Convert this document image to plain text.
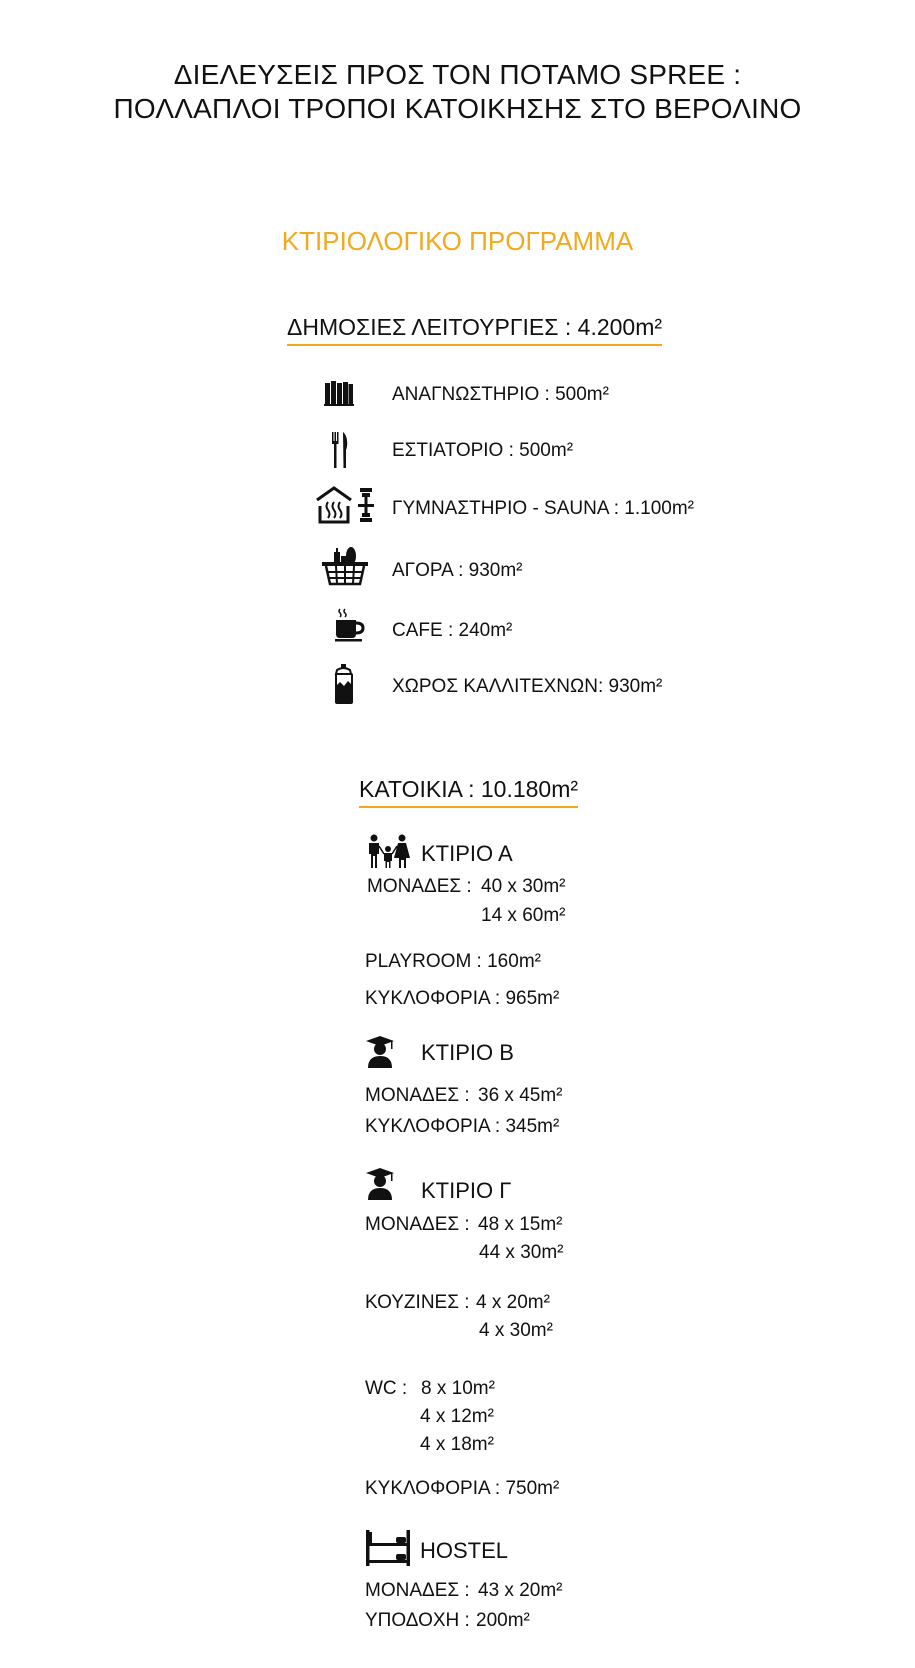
ΔΙΕΛΕΥΣΕΙΣ ΠΡΟΣ ΤΟΝ ΠΟΤΑΜΟ SPREE :
ΠΟΛΛΑΠΛΟΙ ΤΡΟΠΟΙ ΚΑΤΟΙΚΗΣΗΣ ΣΤΟ ΒΕΡΟΛΙΝΟ
ΚΤΙΡΙΟΛΟΓΙΚΟ ΠΡΟΓΡΑΜΜΑ
ΔΗΜΟΣΙΕΣ ΛΕΙΤΟΥΡΓΙΕΣ : 4.200m²
ΑΝΑΓΝΩΣΤΗΡΙΟ : 500m²
ΕΣΤΙΑΤΟΡΙΟ : 500m²
ΓΥΜΝΑΣΤΗΡΙΟ - SAUNA : 1.100m²
ΑΓΟΡΑ : 930m²
CAFE : 240m²
ΧΩΡΟΣ ΚΑΛΛΙΤΕΧΝΩΝ: 930m²
ΚΑΤΟΙΚΙΑ : 10.180m²
ΚΤΙΡΙΟ Α
ΜΟΝΑΔΕΣ : 40 x 30m²
14 x 60m²
PLAYROOM : 160m²
ΚΥΚΛΟΦΟΡΙΑ : 965m²
ΚΤΙΡΙΟ Β
ΜΟΝΑΔΕΣ : 36 x 45m²
ΚΥΚΛΟΦΟΡΙΑ : 345m²
ΚΤΙΡΙΟ Γ
ΜΟΝΑΔΕΣ : 48 x 15m²
44 x 30m²
ΚΟΥΖΙΝΕΣ : 4 x 20m²
4 x 30m²
WC : 8 x 10m²
4 x 12m²
4 x 18m²
ΚΥΚΛΟΦΟΡΙΑ : 750m²
HOSTEL
ΜΟΝΑΔΕΣ : 43 x 20m²
ΥΠΟΔΟΧΗ : 200m²
